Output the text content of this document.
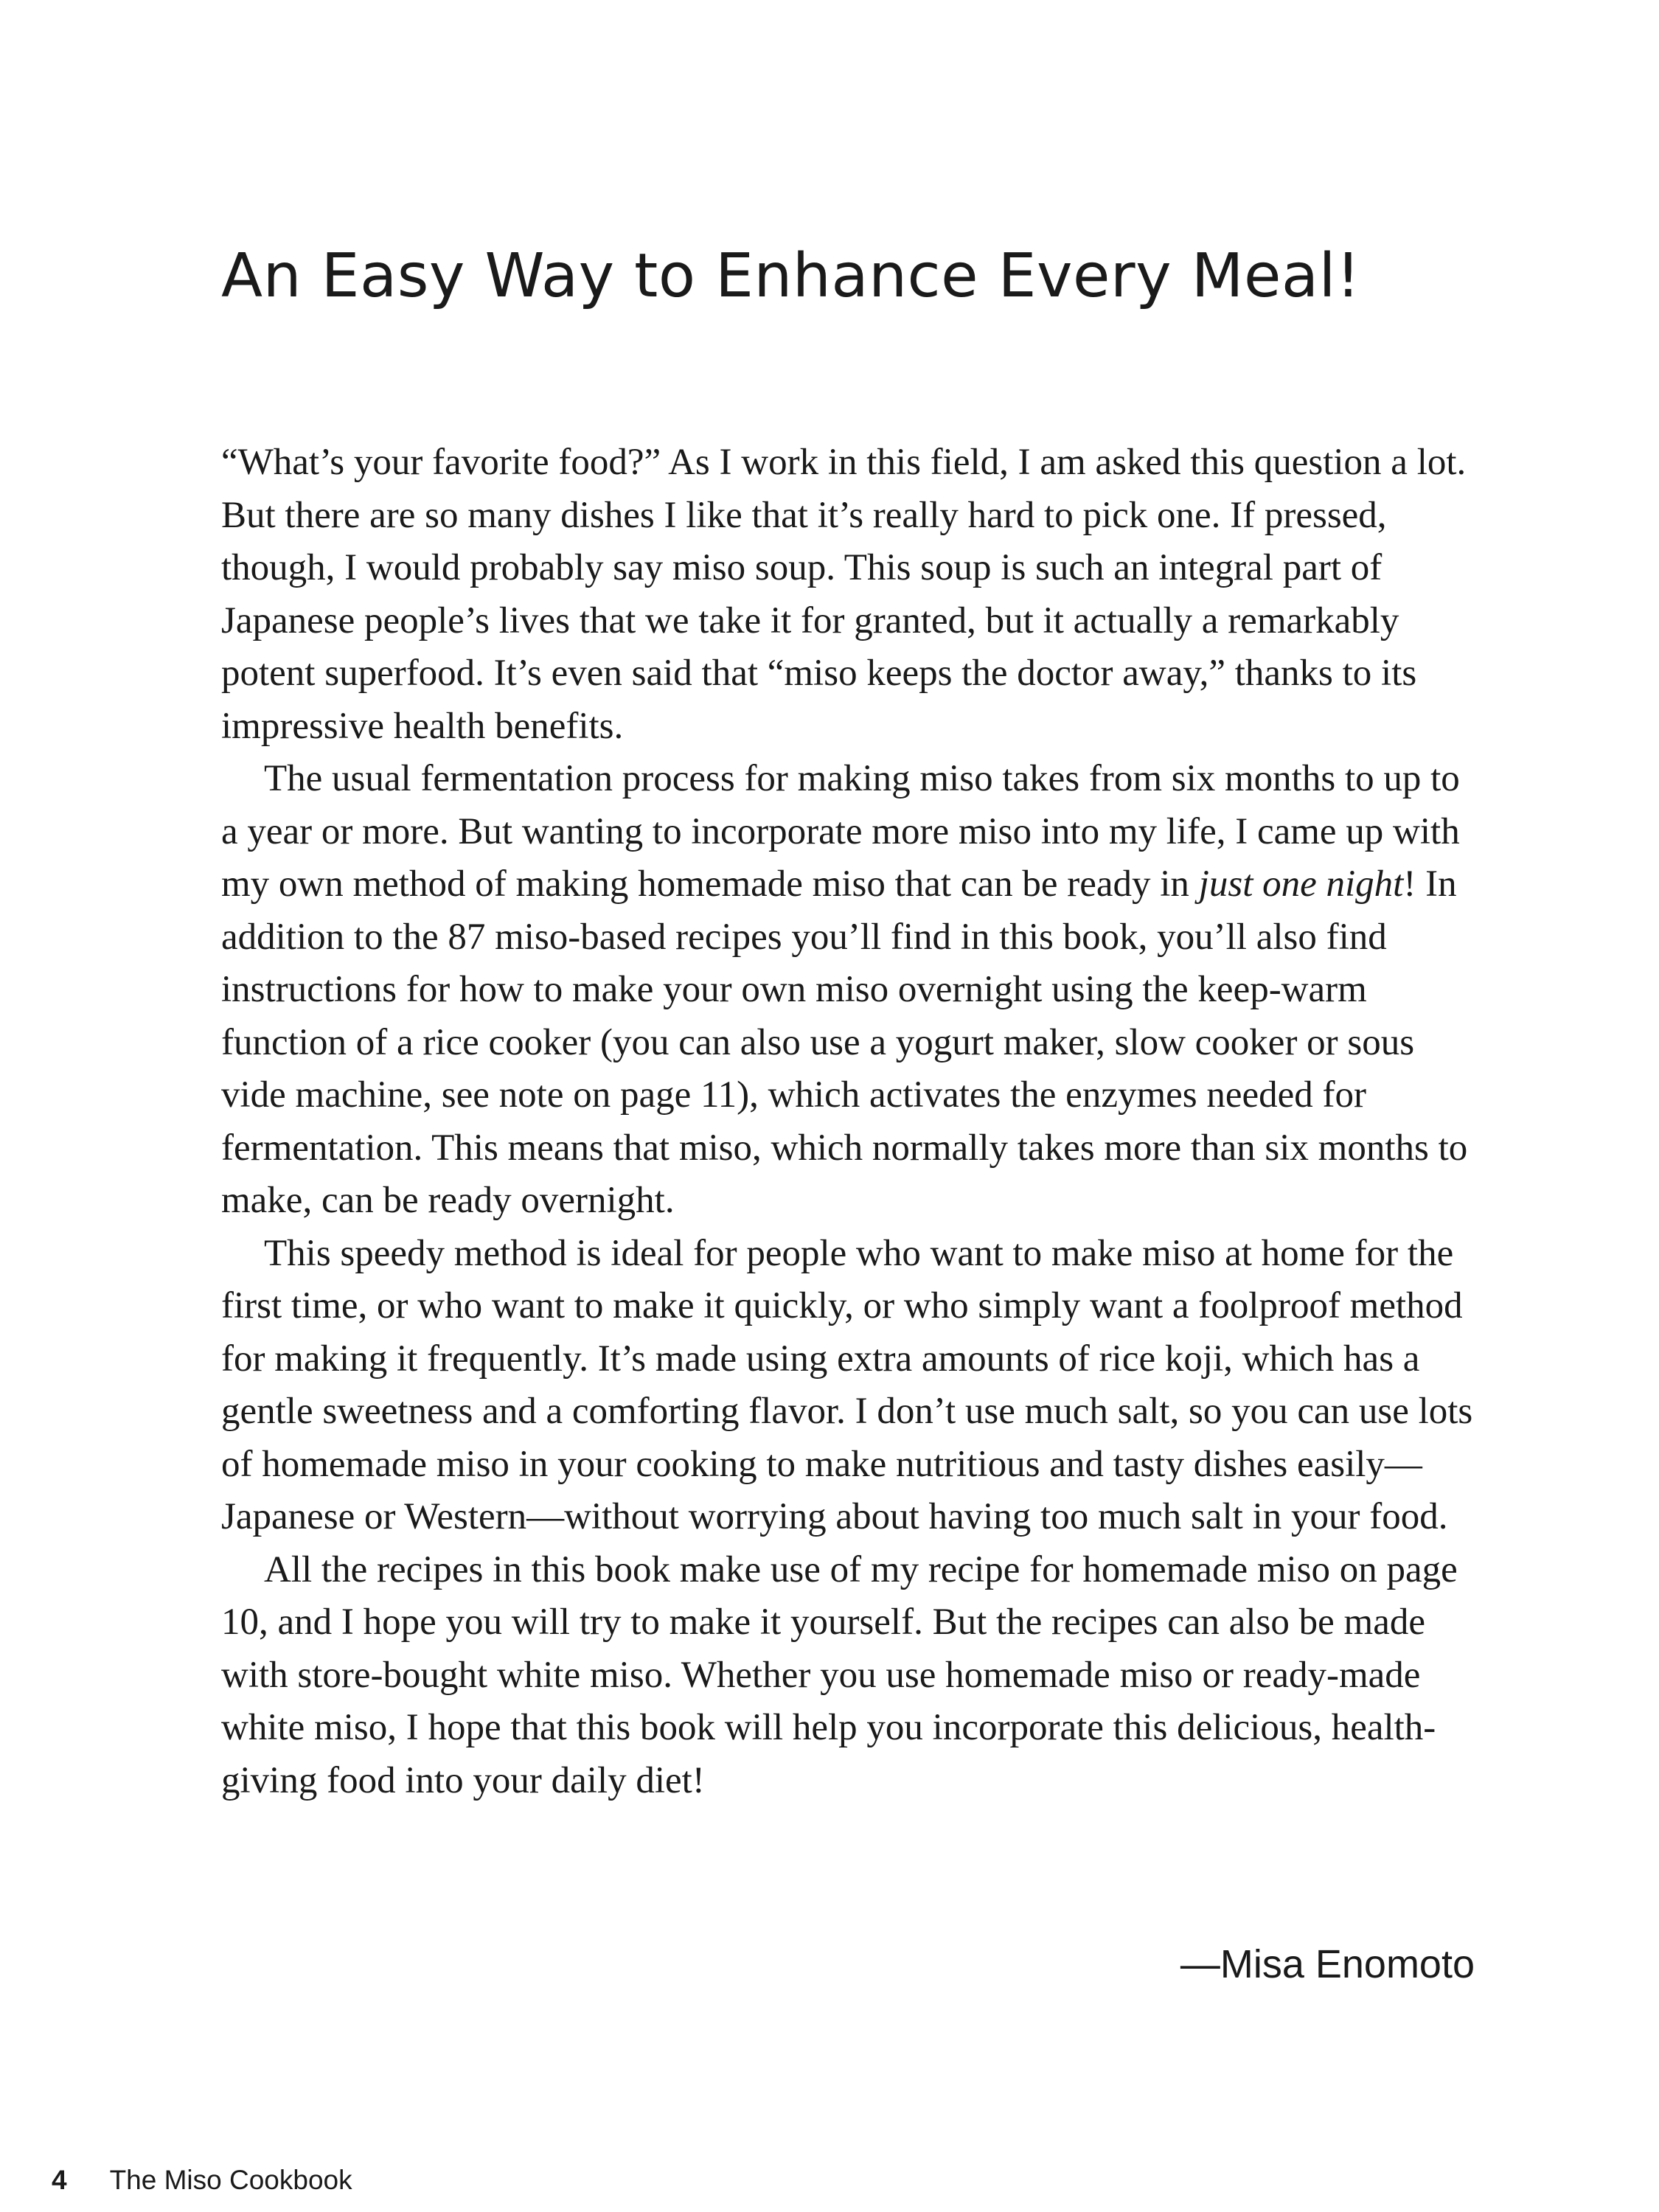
An Easy Way to Enhance Every Meal!

“What’s your favorite food?” As I work in this field, I am asked this question a lot. But there are so many dishes I like that it’s really hard to pick one. If pressed, though, I would probably say miso soup. This soup is such an integral part of Japanese people’s lives that we take it for granted, but it actually a remarkably potent superfood. It’s even said that “miso keeps the doctor away,” thanks to its impressive health benefits.

The usual fermentation process for making miso takes from six months to up to a year or more. But wanting to incorporate more miso into my life, I came up with my own method of making homemade miso that can be ready in just one night! In addition to the 87 miso-based recipes you’ll find in this book, you’ll also find instructions for how to make your own miso overnight using the keep-warm function of a rice cooker (you can also use a yogurt maker, slow cooker or sous vide machine, see note on page 11), which activates the enzymes needed for fermentation. This means that miso, which normally takes more than six months to make, can be ready overnight.

This speedy method is ideal for people who want to make miso at home for the first time, or who want to make it quickly, or who simply want a foolproof method for making it frequently. It’s made using extra amounts of rice koji, which has a gentle sweetness and a comforting flavor. I don’t use much salt, so you can use lots of homemade miso in your cooking to make nutritious and tasty dishes easily—Japanese or Western—without worrying about having too much salt in your food.

All the recipes in this book make use of my recipe for homemade miso on page 10, and I hope you will try to make it yourself. But the recipes can also be made with store-bought white miso. Whether you use homemade miso or ready-made white miso, I hope that this book will help you incorporate this delicious, health-giving food into your daily diet!

—Misa Enomoto
4 The Miso Cookbook
